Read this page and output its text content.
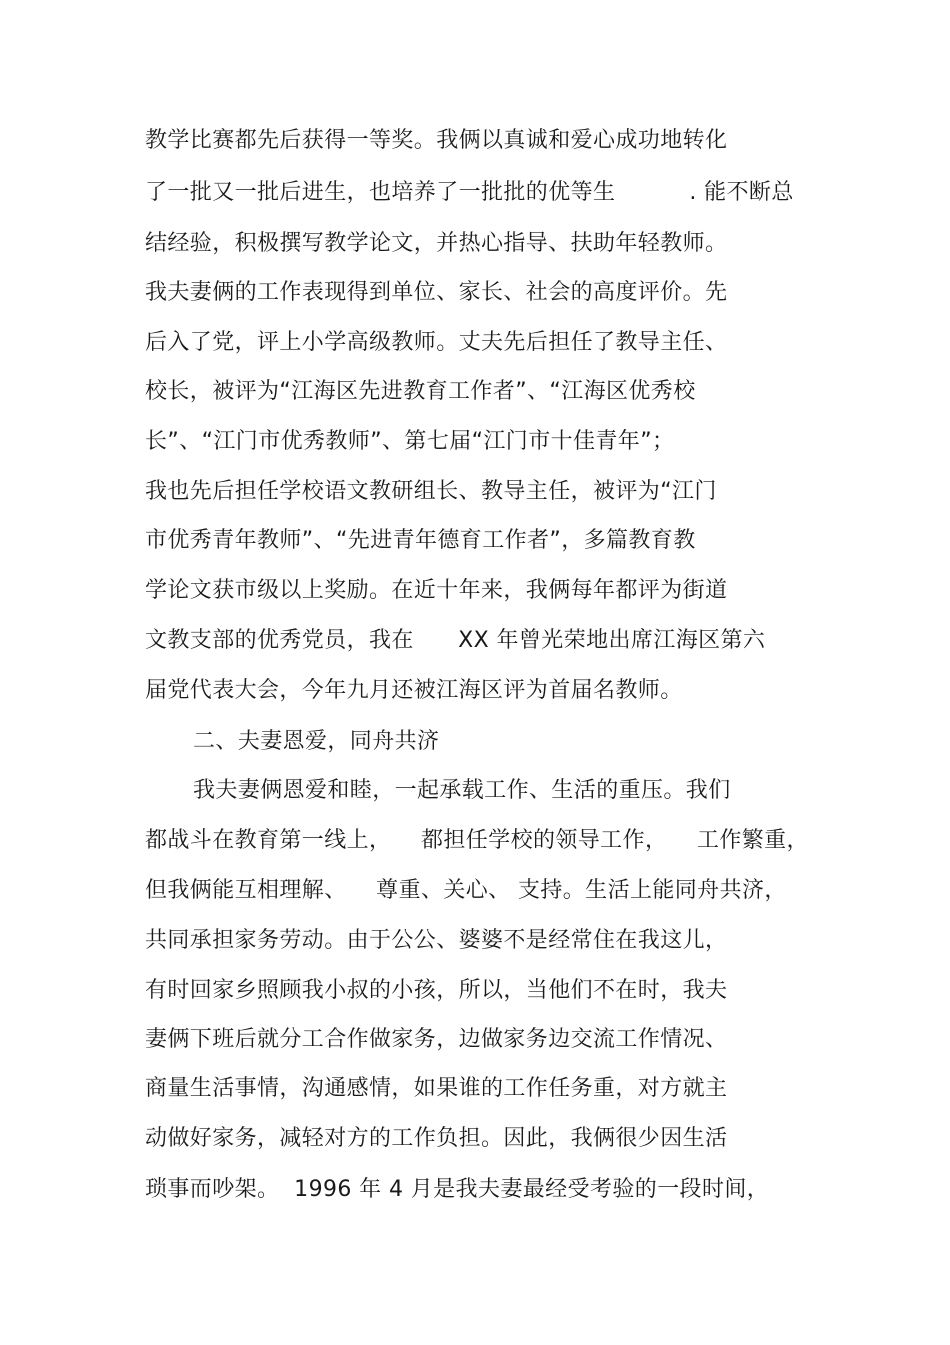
教学比赛都先后获得一等奖。我俩以真诚和爱心成功地转化
了一批又一批后进生，也培养了一批批的优等生          . 能不断总
结经验，积极撰写教学论文，并热心指导、扶助年轻教师。
我夫妻俩的工作表现得到单位、家长、社会的高度评价。先
后入了党，评上小学高级教师。丈夫先后担任了教导主任、
校长，被评为“江海区先进教育工作者”、“江海区优秀校
长”、“江门市优秀教师”、第七届“江门市十佳青年”；
我也先后担任学校语文教研组长、教导主任，被评为“江门
市优秀青年教师”、“先进青年德育工作者”，多篇教育教
学论文获市级以上奖励。在近十年来，我俩每年都评为街道
文教支部的优秀党员，我在      XX 年曾光荣地出席江海区第六
届党代表大会，今年九月还被江海区评为首届名教师。
二、夫妻恩爱，同舟共济
我夫妻俩恩爱和睦，一起承载工作、生活的重压。我们
都战斗在教育第一线上，    都担任学校的领导工作，    工作繁重，
但我俩能互相理解、    尊重、关心、 支持。生活上能同舟共济，
共同承担家务劳动。由于公公、婆婆不是经常住在我这儿，
有时回家乡照顾我小叔的小孩，所以，当他们不在时，我夫
妻俩下班后就分工合作做家务，边做家务边交流工作情况、
商量生活事情，沟通感情，如果谁的工作任务重，对方就主
动做好家务，减轻对方的工作负担。因此，我俩很少因生活
琐事而吵架。  1996 年 4 月是我夫妻最经受考验的一段时间，
